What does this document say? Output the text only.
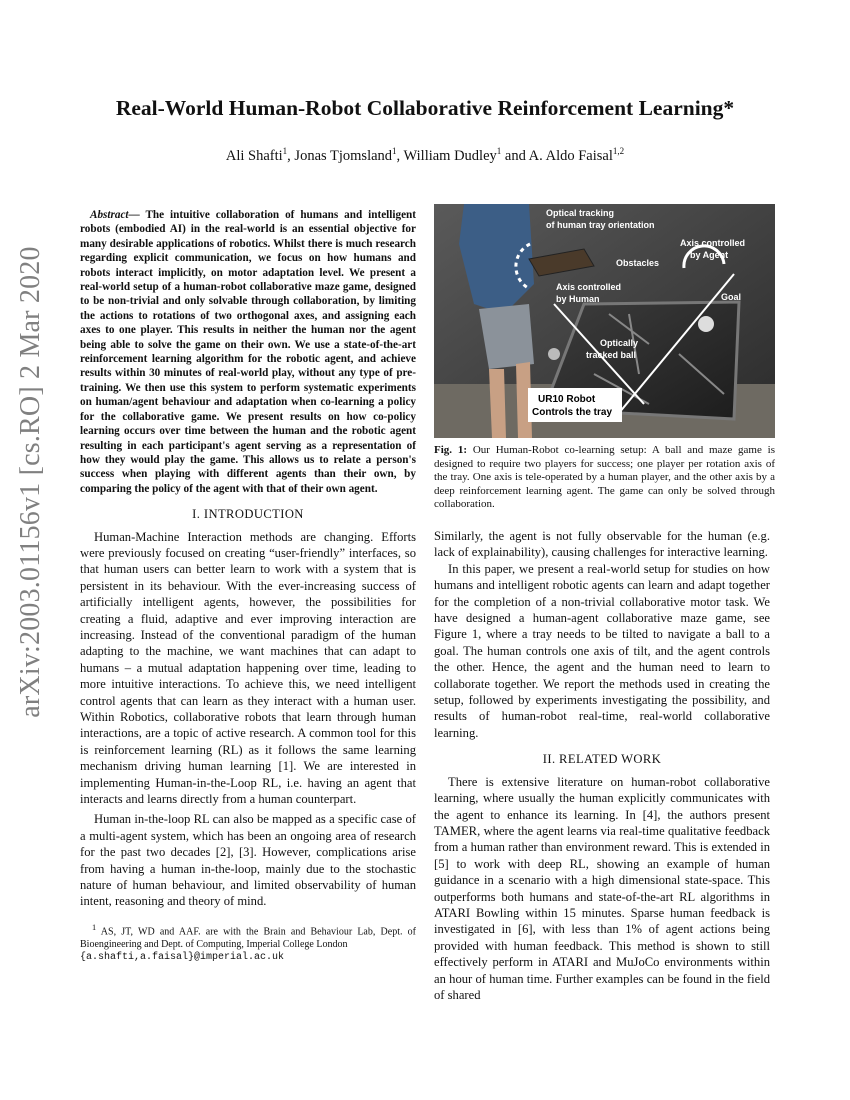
Real-World Human-Robot Collaborative Reinforcement Learning*
Ali Shafti$^1$, Jonas Tjomsland$^1$, William Dudley$^1$ and A. Aldo Faisal$^{1,2}$
arXiv:2003.01156v1 [cs.RO] 2 Mar 2020

Abstract— The intuitive collaboration of humans and intelligent robots (embodied AI) in the real-world is an essential objective for many desirable applications of robotics. Whilst there is much research regarding explicit communication, we focus on how humans and robots interact implicitly, on motor adaptation level. We present a real-world setup of a human-robot collaborative maze game, designed to be non-trivial and only solvable through collaboration, by limiting the actions to rotations of two orthogonal axes, and assigning each axes to one player. This results in neither the human nor the agent being able to solve the game on their own. We use a state-of-the-art reinforcement learning algorithm for the robotic agent, and achieve results within 30 minutes of real-world play, without any type of pre-training. We then use this system to perform systematic experiments on human/agent behaviour and adaptation when co-learning a policy for the collaborative game. We present results on how co-policy learning occurs over time between the human and the robotic agent resulting in each participant's agent serving as a representation of how they would play the game. This allows us to relate a person's success when playing with different agents than their own, by comparing the policy of the agent with that of their own agent.

I. INTRODUCTION

Human-Machine Interaction methods are changing. Efforts were previously focused on creating “user-friendly” interfaces, so that human users can better learn to work with a system that is persistent in its behaviour. With the ever-increasing success of artificially intelligent agents, however, the possibilities for creating a fluid, adaptive and ever improving interaction are increasing. Instead of the conventional paradigm of the human adapting to the machine, we want machines that can adapt to humans – a mutual adaptation happening over time, leading to more intuitive interactions. To achieve this, we need intelligent control agents that can learn as they interact with a human user. Within Robotics, collaborative robots that learn through human interactions, are a topic of active research. A common tool for this is reinforcement learning (RL) as it follows the same learning mechanism driving human learning [1]. We are interested in implementing Human-in-the-Loop RL, i.e. having an agent that interacts and learns directly from a human counterpart.

Human in-the-loop RL can also be mapped as a specific case of a multi-agent system, which has been an ongoing area of research for the past two decades [2], [3]. However, complications arise from having a human in-the-loop, mainly due to the stochastic nature of human behaviour, and limited observability of human intent, reasoning and theory of mind.

$^1$ AS, JT, WD and AAF. are with the Brain and Behaviour Lab, Dept. of Bioengineering and Dept. of Computing, Imperial College London
{a.shafti,a.faisal}@imperial.ac.uk
Optical tracking
of human tray orientation
Obstacles
Axis controlled
by Agent
Axis controlled
by Human	Goal
Optically
tracked ball
UR10 Robot
Controls the tray
Fig. 1: Our Human-Robot co-learning setup: A ball and maze game is designed to require two players for success; one player per rotation axis of the tray. One axis is tele-operated by a human player, and the other axis by a deep reinforcement learning agent. The game can only be solved through collaboration.

Similarly, the agent is not fully observable for the human (e.g. lack of explainability), causing challenges for interactive learning.

In this paper, we present a real-world setup for studies on how humans and intelligent robotic agents can learn and adapt together for the completion of a non-trivial collaborative motor task. We have designed a human-agent collaborative maze game, see Figure 1, where a tray needs to be tilted to navigate a ball to a goal. The human controls one axis of tilt, and the agent controls the other. Hence, the agent and the human need to learn to collaborate together. We report the methods used in creating the setup, followed by experiments investigating the possibility, and results of human-robot real-time, real-world collaborative learning.

II. RELATED WORK

There is extensive literature on human-robot collaborative learning, where usually the human explicitly communicates with the agent to enhance its learning. In [4], the authors present TAMER, where the agent learns via real-time qualitative feedback from a human rather than environment reward. This is extended in [5] to work with deep RL, showing an example of human guidance in a scenario with a high dimensional state-space. This outperforms both humans and state-of-the-art RL algorithms in ATARI Bowling within 15 minutes. Sparse human feedback is investigated in [6], with less than 1% of agent actions being provided with human feedback. This method is shown to still effectively perform in ATARI and MuJoCo environments within an hour of human time. Further examples can be found in the field of shared
